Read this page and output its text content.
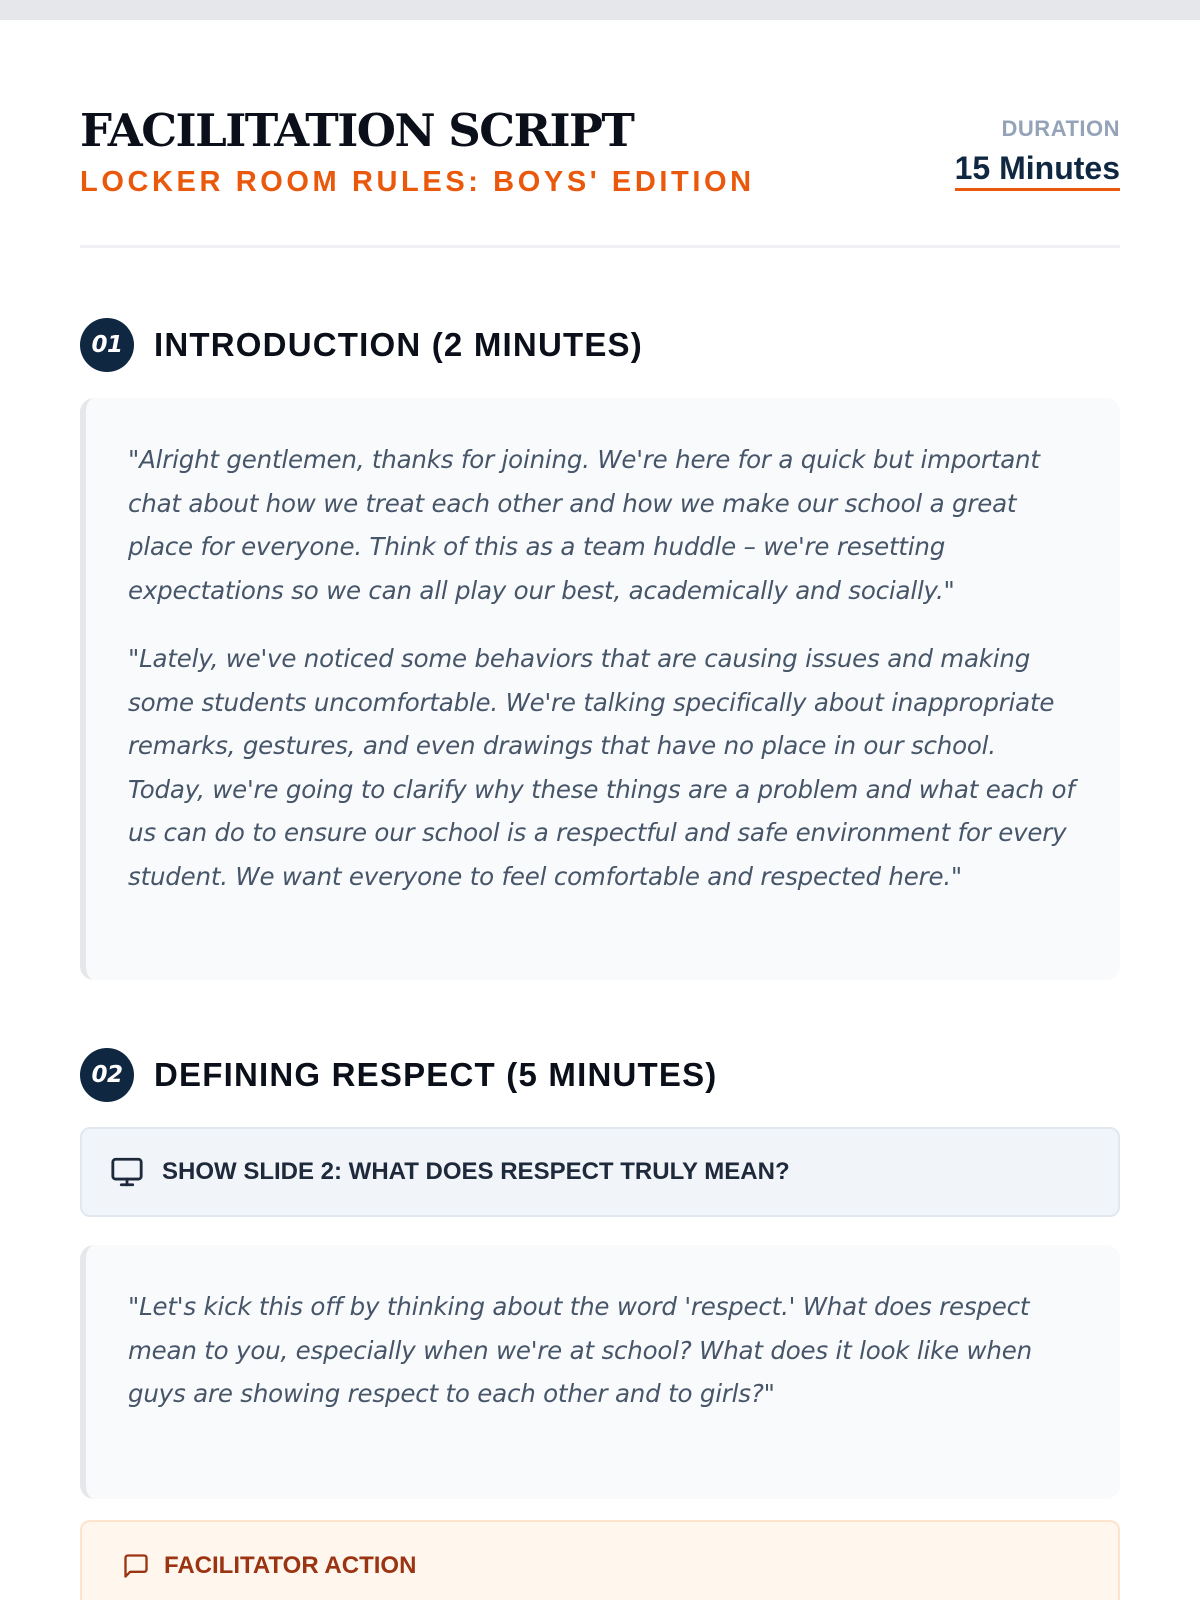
FACILITATION SCRIPT
LOCKER ROOM RULES: BOYS' EDITION
DURATION
15 Minutes
01 INTRODUCTION (2 MINUTES)

"Alright gentlemen, thanks for joining. We're here for a quick but important chat about how we treat each other and how we make our school a great place for everyone. Think of this as a team huddle – we're resetting expectations so we can all play our best, academically and socially."

"Lately, we've noticed some behaviors that are causing issues and making some students uncomfortable. We're talking specifically about inappropriate remarks, gestures, and even drawings that have no place in our school. Today, we're going to clarify why these things are a problem and what each of us can do to ensure our school is a respectful and safe environment for every student. We want everyone to feel comfortable and respected here."

02 DEFINING RESPECT (5 MINUTES)
SHOW SLIDE 2: WHAT DOES RESPECT TRULY MEAN?

"Let's kick this off by thinking about the word 'respect.' What does respect mean to you, especially when we're at school? What does it look like when guys are showing respect to each other and to girls?"

FACILITATOR ACTION
